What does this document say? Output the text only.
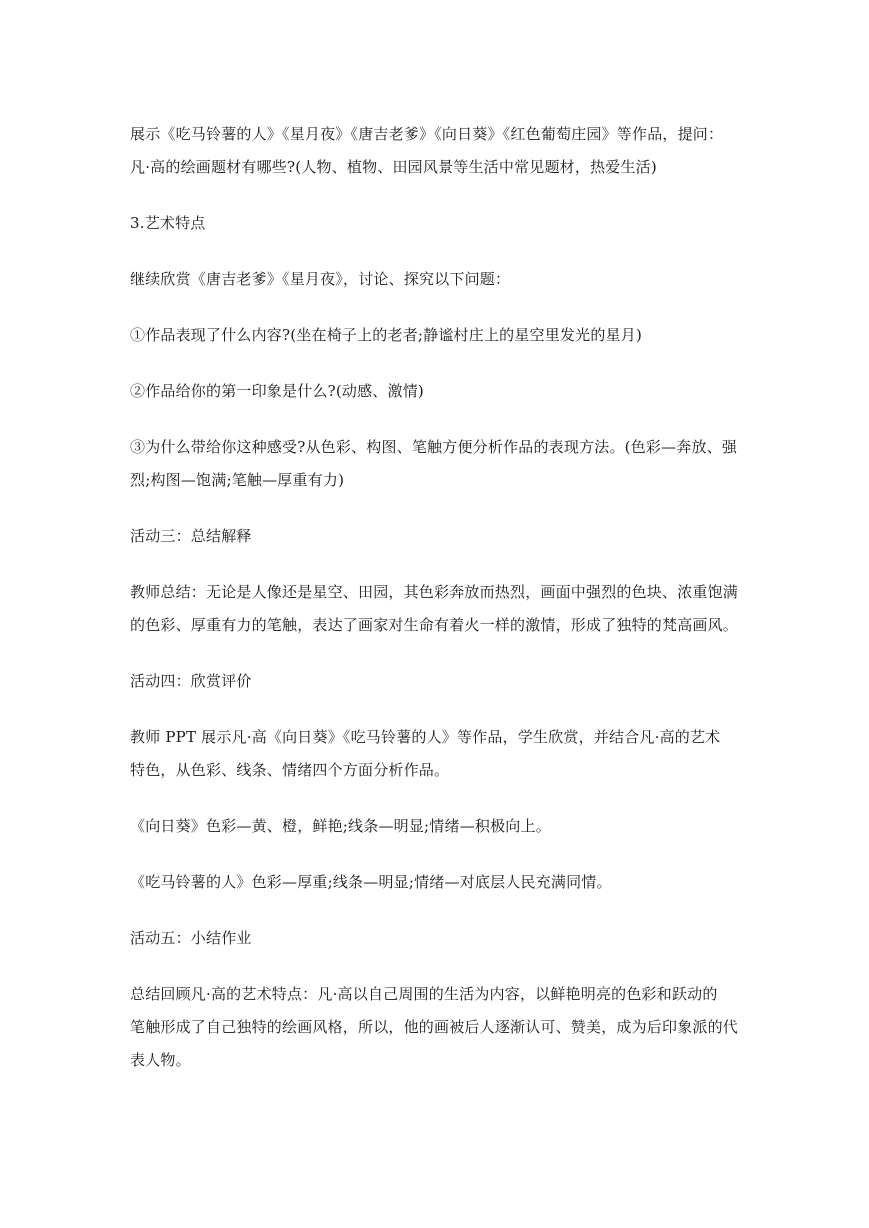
展示《吃马铃薯的人》《星月夜》《唐吉老爹》《向日葵》《红色葡萄庄园》等作品，提问：
凡·高的绘画题材有哪些?(人物、植物、田园风景等生活中常见题材，热爱生活)

3.艺术特点

继续欣赏《唐吉老爹》《星月夜》，讨论、探究以下问题：

①作品表现了什么内容?(坐在椅子上的老者;静谧村庄上的星空里发光的星月)

②作品给你的第一印象是什么?(动感、激情)

③为什么带给你这种感受?从色彩、构图、笔触方便分析作品的表现方法。(色彩—奔放、强
烈;构图—饱满;笔触—厚重有力)

活动三：总结解释

教师总结：无论是人像还是星空、田园，其色彩奔放而热烈，画面中强烈的色块、浓重饱满
的色彩、厚重有力的笔触，表达了画家对生命有着火一样的激情，形成了独特的梵高画风。

活动四：欣赏评价

教师 PPT 展示凡·高《向日葵》《吃马铃薯的人》等作品，学生欣赏，并结合凡·高的艺术
特色，从色彩、线条、情绪四个方面分析作品。

《向日葵》色彩—黄、橙，鲜艳;线条—明显;情绪—积极向上。

《吃马铃薯的人》色彩—厚重;线条—明显;情绪—对底层人民充满同情。

活动五：小结作业

总结回顾凡·高的艺术特点：凡·高以自己周围的生活为内容，以鲜艳明亮的色彩和跃动的
笔触形成了自己独特的绘画风格，所以，他的画被后人逐渐认可、赞美，成为后印象派的代
表人物。
